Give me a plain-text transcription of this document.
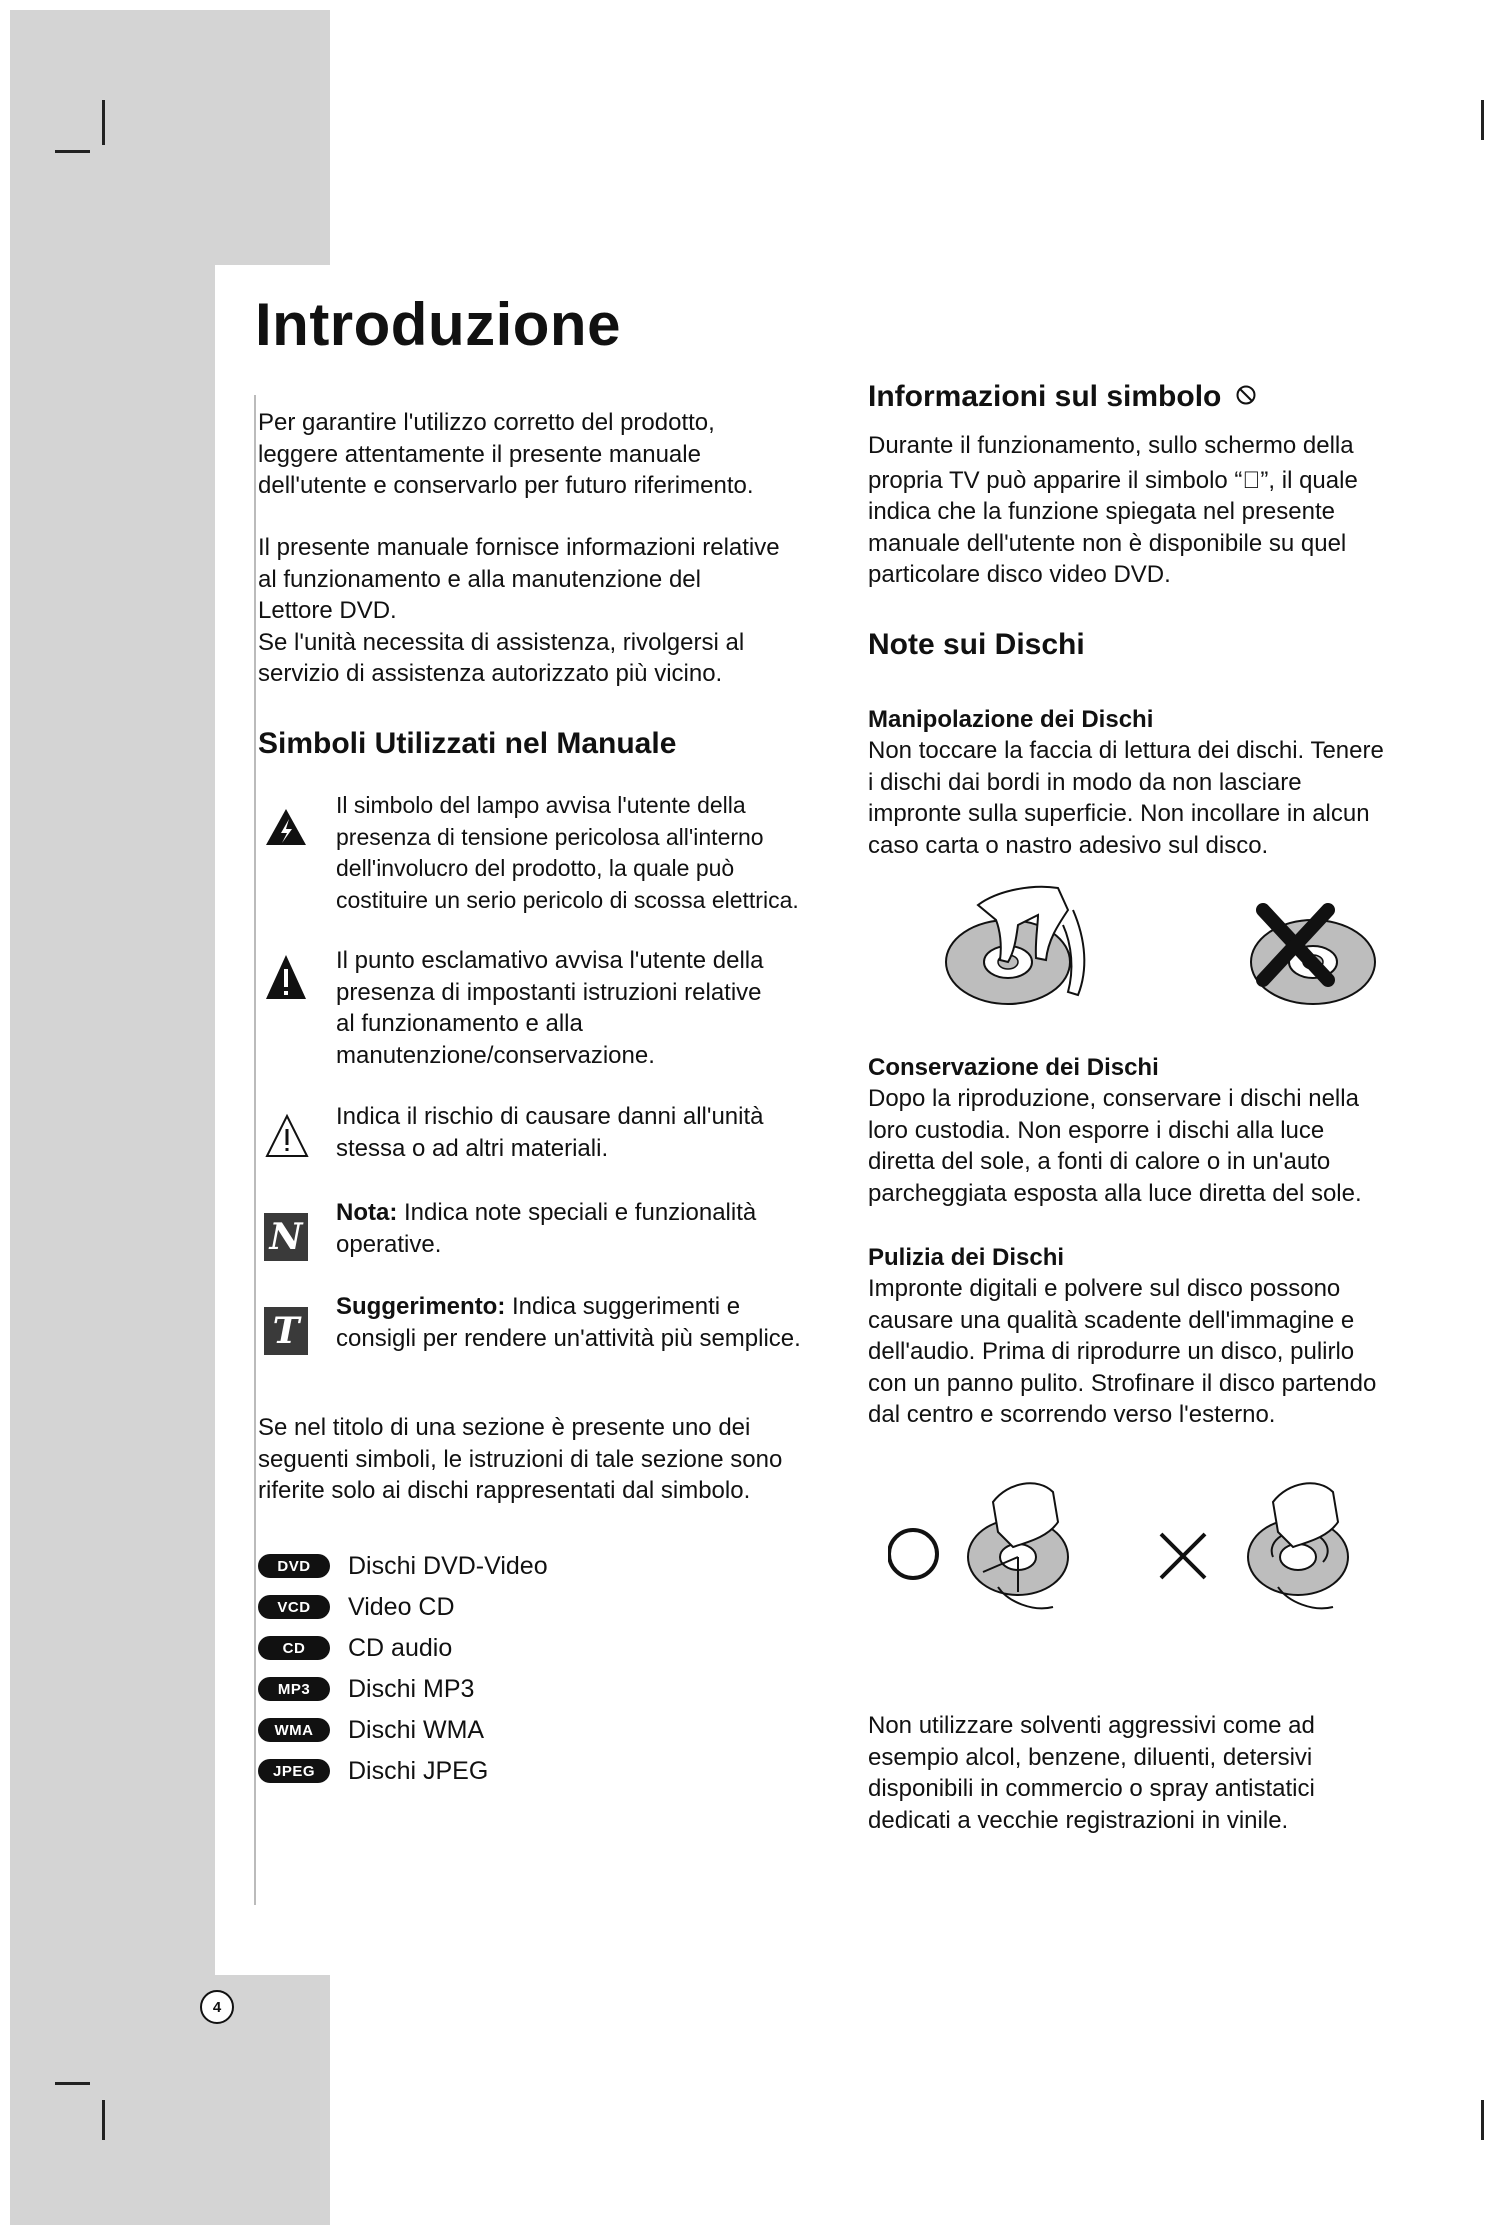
Introduzione

Per garantire l'utilizzo corretto del prodotto,

leggere attentamente il presente manuale

dell'utente e conservarlo per futuro riferimento.

Il presente manuale fornisce informazioni relative

al funzionamento e alla manutenzione del

Lettore DVD.

Se l'unità necessita di assistenza, rivolgersi al

servizio di assistenza autorizzato più vicino.

Simboli Utilizzati nel Manuale
Il simbolo del lampo avvisa l'utente della
presenza di tensione pericolosa all'interno
dell'involucro del prodotto, la quale può
costituire un serio pericolo di scossa elettrica.
Il punto esclamativo avvisa l'utente della
presenza di impostanti istruzioni relative
al funzionamento e alla
manutenzione/conservazione.
Indica il rischio di causare danni all'unità
stessa o ad altri materiali.
N
Nota: Indica note speciali e funzionalità
operative.
T
Suggerimento: Indica suggerimenti e
consigli per rendere un'attività più semplice.

Se nel titolo di una sezione è presente uno dei

seguenti simboli, le istruzioni di tale sezione sono

riferite solo ai dischi rappresentati dal simbolo.

DVD	Dischi DVD-Video
VCD	Video CD
CD	CD audio
MP3	Dischi MP3
WMA	Dischi WMA
JPEG	Dischi JPEG
Informazioni sul simbolo

Durante il funzionamento, sullo schermo della

propria TV può apparire il simbolo “⃠”, il quale

indica che la funzione spiegata nel presente

manuale dell'utente non è disponibile su quel

particolare disco video DVD.

Note sui Dischi

Manipolazione dei Dischi

Non toccare la faccia di lettura dei dischi. Tenere

i dischi dai bordi in modo da non lasciare

impronte sulla superficie. Non incollare in alcun

caso carta o nastro adesivo sul disco.

Conservazione dei Dischi

Dopo la riproduzione, conservare i dischi nella

loro custodia. Non esporre i dischi alla luce

diretta del sole, a fonti di calore o in un'auto

parcheggiata esposta alla luce diretta del sole.

Pulizia dei Dischi

Impronte digitali e polvere sul disco possono

causare una qualità scadente dell'immagine e

dell'audio. Prima di riprodurre un disco, pulirlo

con un panno pulito. Strofinare il disco partendo

dal centro e scorrendo verso l'esterno.

Non utilizzare solventi aggressivi come ad

esempio alcol, benzene, diluenti, detersivi

disponibili in commercio o spray antistatici

dedicati a vecchie registrazioni in vinile.

4
